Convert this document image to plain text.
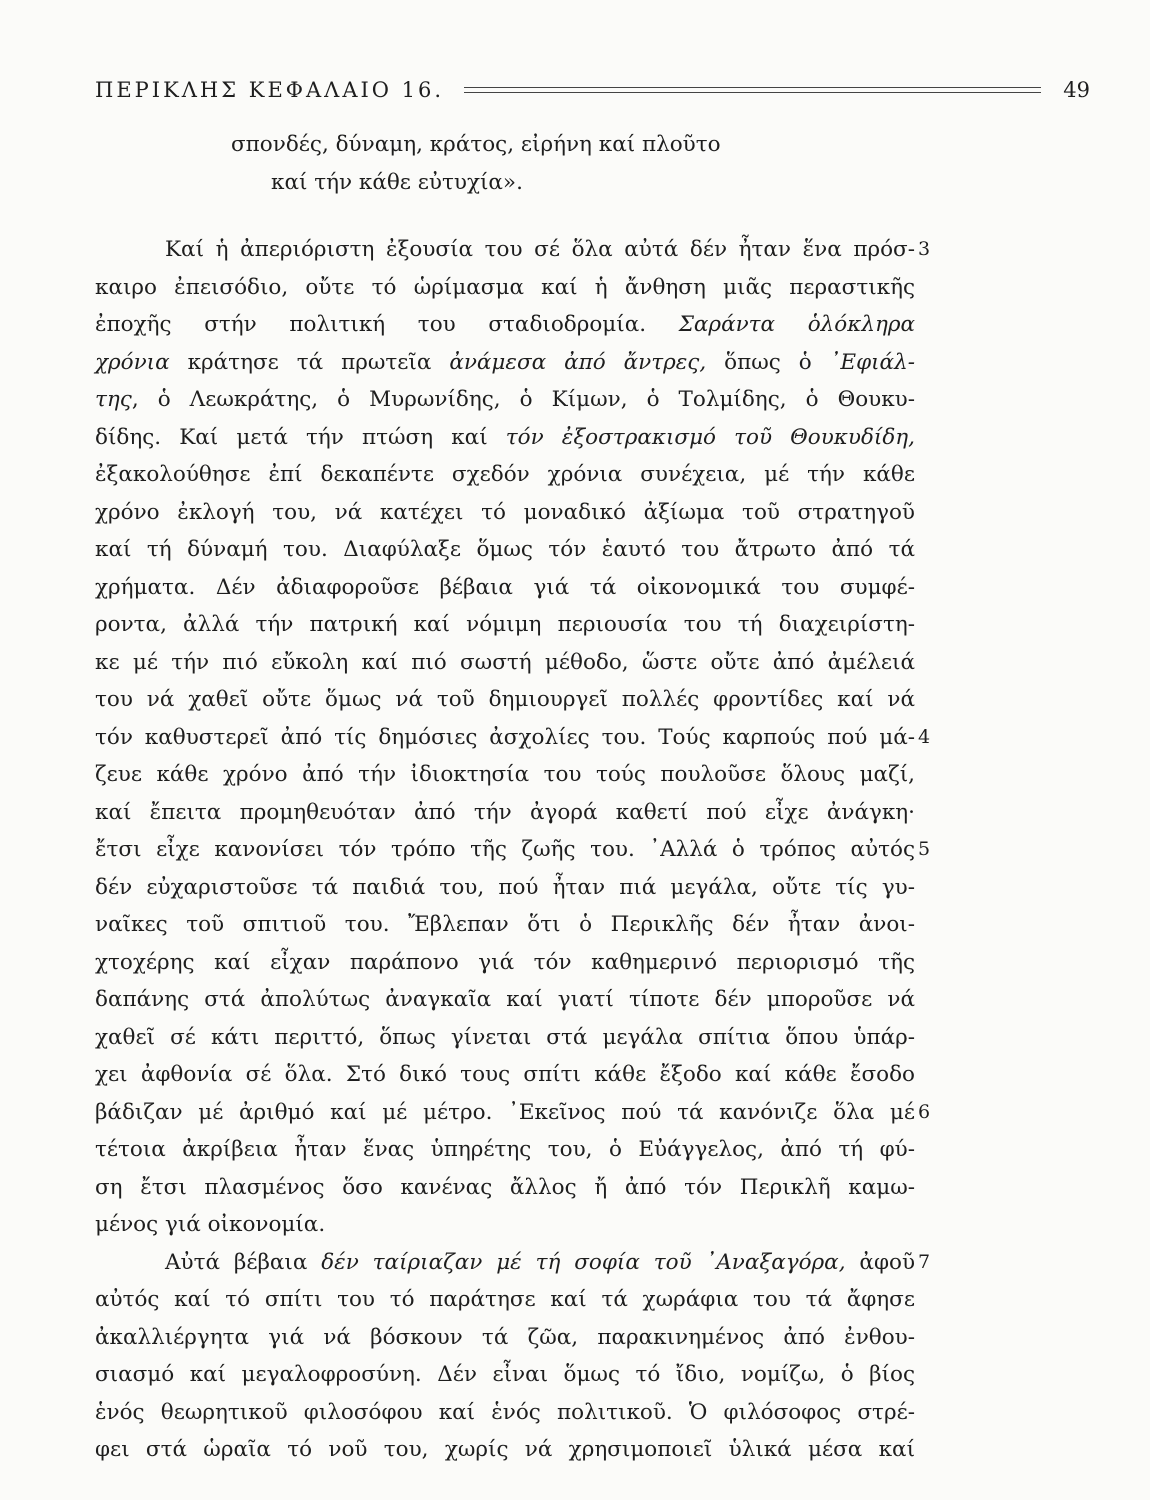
ΠΕΡΙΚΛΗΣ ΚΕΦΑΛΑΙΟ 16.	49
σπονδές, δύναμη, κράτος, εἰρήνη καί πλοῦτο
καί τήν κάθε εὐτυχία».
Καί ἡ ἀπεριόριστη ἐξουσία του σέ ὅλα αὐτά δέν ἦταν ἕνα πρόσ- 3
καιρο ἐπεισόδιο, οὔτε τό ὡρίμασμα καί ἡ ἄνθηση μιᾶς περαστικῆς
ἐποχῆς στήν πολιτική του σταδιοδρομία. Σαράντα ὁλόκληρα
χρόνια κράτησε τά πρωτεῖα ἀνάμεσα ἀπό ἄντρες, ὅπως ὁ ᾿Εφιάλ-
της, ὁ Λεωκράτης, ὁ Μυρωνίδης, ὁ Κίμων, ὁ Τολμίδης, ὁ Θουκυ-
δίδης. Καί μετά τήν πτώση καί τόν ἐξοστρακισμό τοῦ Θουκυδίδη,
ἐξακολούθησε ἐπί δεκαπέντε σχεδόν χρόνια συνέχεια, μέ τήν κάθε
χρόνο ἐκλογή του, νά κατέχει τό μοναδικό ἀξίωμα τοῦ στρατηγοῦ
καί τή δύναμή του. Διαφύλαξε ὅμως τόν ἑαυτό του ἄτρωτο ἀπό τά
χρήματα. Δέν ἀδιαφοροῦσε βέβαια γιά τά οἰκονομικά του συμφέ-
ροντα, ἀλλά τήν πατρική καί νόμιμη περιουσία του τή διαχειρίστη-
κε μέ τήν πιό εὔκολη καί πιό σωστή μέθοδο, ὥστε οὔτε ἀπό ἀμέλειά
του νά χαθεῖ οὔτε ὅμως νά τοῦ δημιουργεῖ πολλές φροντίδες καί νά
τόν καθυστερεῖ ἀπό τίς δημόσιες ἀσχολίες του. Τούς καρπούς πού μά- 4
ζευε κάθε χρόνο ἀπό τήν ἰδιοκτησία του τούς πουλοῦσε ὅλους μαζί,
καί ἔπειτα προμηθευόταν ἀπό τήν ἀγορά καθετί πού εἶχε ἀνάγκη·
ἔτσι εἶχε κανονίσει τόν τρόπο τῆς ζωῆς του. ᾿Αλλά ὁ τρόπος αὐτός 5
δέν εὐχαριστοῦσε τά παιδιά του, πού ἦταν πιά μεγάλα, οὔτε τίς γυ-
ναῖκες τοῦ σπιτιοῦ του. Ἔβλεπαν ὅτι ὁ Περικλῆς δέν ἦταν ἀνοι-
χτοχέρης καί εἶχαν παράπονο γιά τόν καθημερινό περιορισμό τῆς
δαπάνης στά ἀπολύτως ἀναγκαῖα καί γιατί τίποτε δέν μποροῦσε νά
χαθεῖ σέ κάτι περιττό, ὅπως γίνεται στά μεγάλα σπίτια ὅπου ὑπάρ-
χει ἀφθονία σέ ὅλα. Στό δικό τους σπίτι κάθε ἔξοδο καί κάθε ἔσοδο
βάδιζαν μέ ἀριθμό καί μέ μέτρο. ᾿Εκεῖνος πού τά κανόνιζε ὅλα μέ 6
τέτοια ἀκρίβεια ἦταν ἕνας ὑπηρέτης του, ὁ Εὐάγγελος, ἀπό τή φύ-
ση ἔτσι πλασμένος ὅσο κανένας ἄλλος ἤ ἀπό τόν Περικλῆ καμω-
μένος γιά οἰκονομία.
Αὐτά βέβαια δέν ταίριαζαν μέ τή σοφία τοῦ ᾿Αναξαγόρα, ἀφοῦ 7
αὐτός καί τό σπίτι του τό παράτησε καί τά χωράφια του τά ἄφησε
ἀκαλλιέργητα γιά νά βόσκουν τά ζῶα, παρακινημένος ἀπό ἐνθου-
σιασμό καί μεγαλοφροσύνη. Δέν εἶναι ὅμως τό ἴδιο, νομίζω, ὁ βίος
ἑνός θεωρητικοῦ φιλοσόφου καί ἑνός πολιτικοῦ. Ὁ φιλόσοφος στρέ-
φει στά ὡραῖα τό νοῦ του, χωρίς νά χρησιμοποιεῖ ὑλικά μέσα καί
